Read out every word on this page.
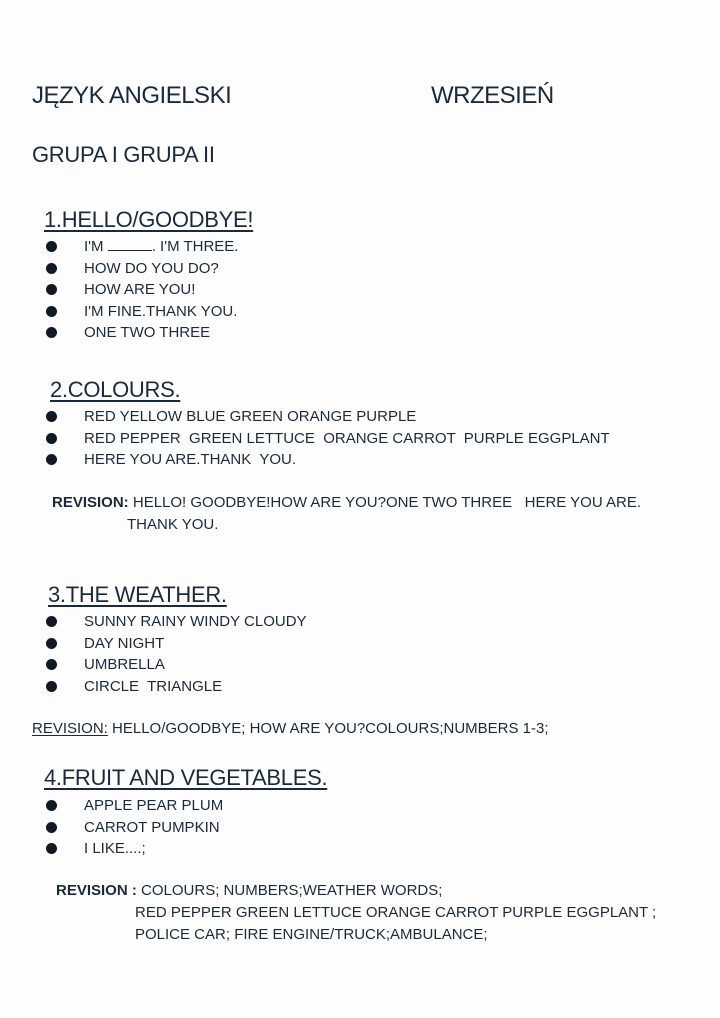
JĘZYK ANGIELSKI	WRZESIEŃ
GRUPA I GRUPA II
1.HELLO/GOODBYE!
I'M	. I'M THREE.
HOW DO YOU DO?
HOW ARE YOU!
I'M FINE.THANK YOU.
ONE TWO THREE
2.COLOURS.
RED YELLOW BLUE GREEN ORANGE PURPLE
RED PEPPER  GREEN LETTUCE  ORANGE CARROT  PURPLE EGGPLANT
HERE YOU ARE.THANK  YOU.
REVISION: HELLO! GOODBYE!HOW ARE YOU?ONE TWO THREE   HERE YOU ARE.
THANK YOU.
3.THE WEATHER.
SUNNY RAINY WINDY CLOUDY
DAY NIGHT
UMBRELLA
CIRCLE  TRIANGLE
REVISION: HELLO/GOODBYE; HOW ARE YOU?COLOURS;NUMBERS 1-3;
4.FRUIT AND VEGETABLES.
APPLE PEAR PLUM
CARROT PUMPKIN
I LIKE....;
REVISION : COLOURS; NUMBERS;WEATHER WORDS;
RED PEPPER GREEN LETTUCE ORANGE CARROT PURPLE EGGPLANT ;
POLICE CAR; FIRE ENGINE/TRUCK;AMBULANCE;
